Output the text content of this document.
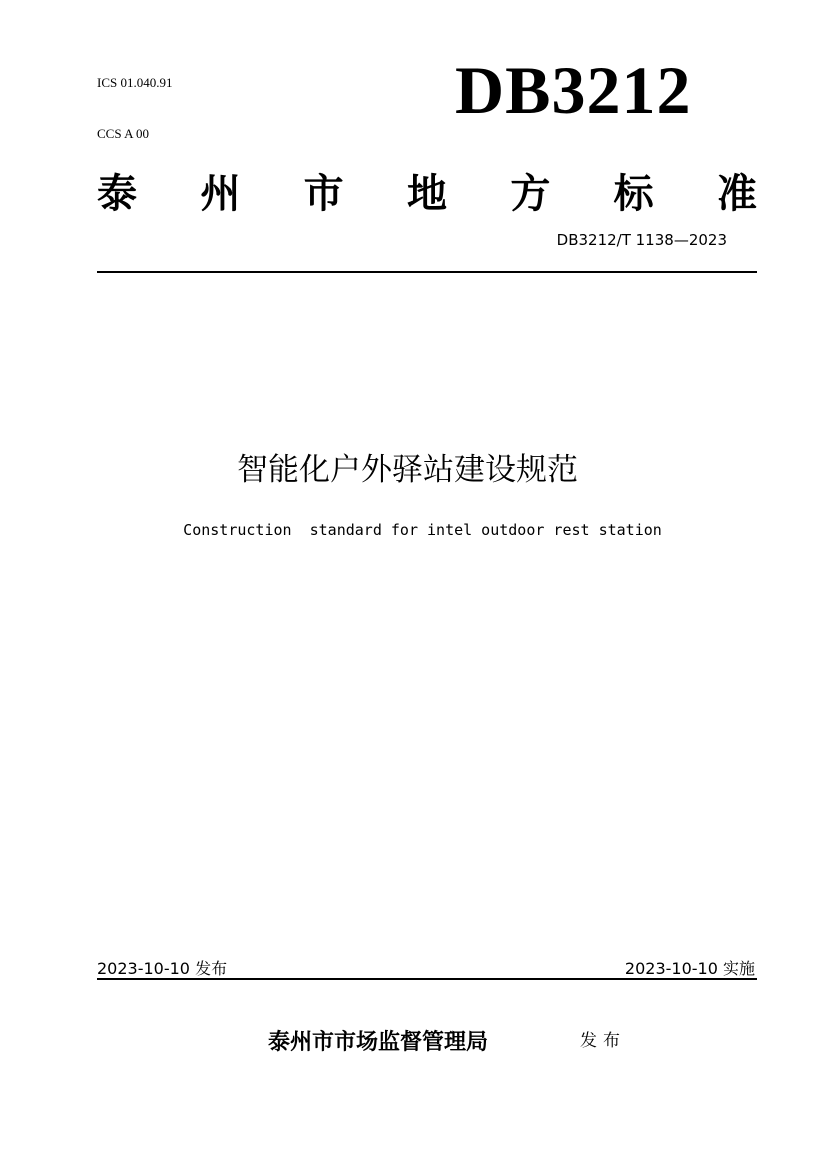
ICS 01.040.91

CCS A 00

DB3212
泰 州 市 地 方 标 准
DB3212/T 1138—2023
智能化户外驿站建设规范
Construction  standard for intel outdoor rest station
2023-10-10 发布	2023-10-10 实施
泰州市市场监督管理局	发布
